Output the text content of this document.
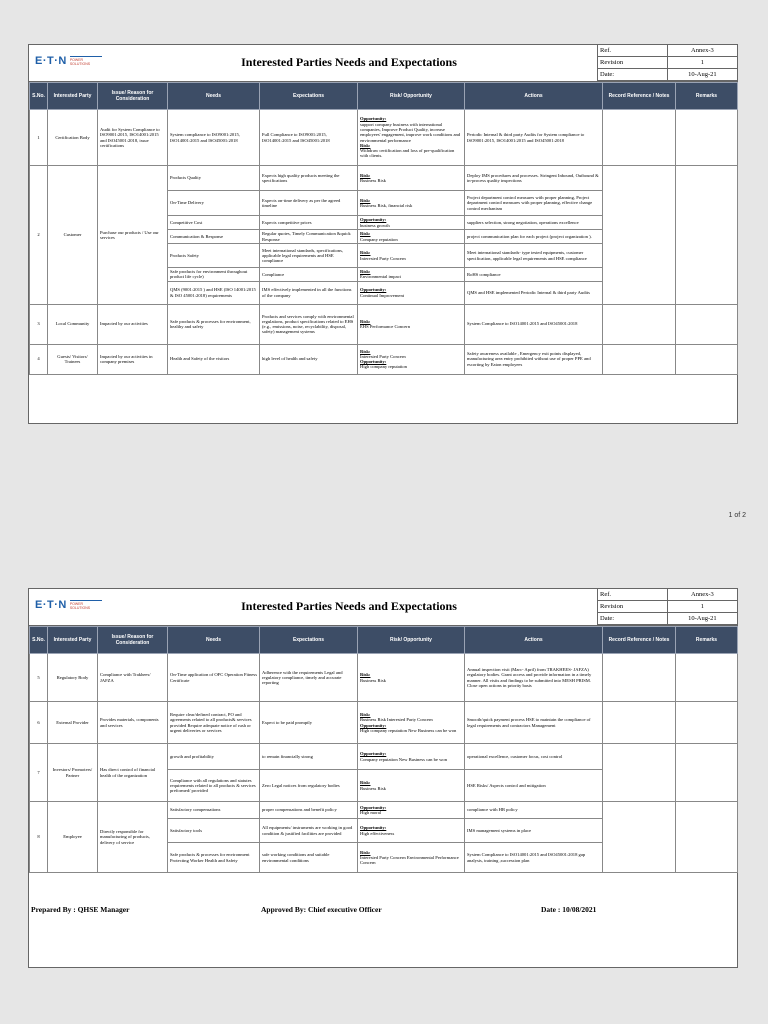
E·T·N POWER SOLUTIONS	Interested Parties Needs and Expectations
Ref.	Annex-3
Revision	1
Date:	10-Aug-21
S.No.	Interested Party	Issue/ Reason for Consideration	Needs	Expectations	Risk/ Opportunity	Actions	Record Reference / Notes	Remarks
1	Certification Body	Audit for System Compliance to ISO9001:2015, ISO14001:2015 and ISO45001:2018, issue certifications	System compliance to ISO9001:2015, ISO14001:2015 and ISO45001:2018	Full Compliance to ISO9001:2015, ISO14001:2015 and ISO45001:2018	Opportunity:
support company business with international companies, Improve Product Quality, increase employees' engagement, improve work conditions and environmental performance
Risk:
Withdraw certification and loss of pre-qualification with clients.	Periodic Internal & third party Audits for System compliance to ISO9001:2015, ISO14001:2015 and ISO45001:2018		
2	Customer	Purchase our products / Use our services	Products Quality	Expects high quality products meeting the specifications	Risk:
Business Risk	Deploy IMS procedures and processes. Stringent Inbound, Outbound & in-process quality inspections		
			On-Time Delivery	Expects on-time delivery as per the agreed timeline	Risk:
Business Risk, financial risk	Project department control measures with proper planning, Project department control measures with proper planning, effective change control mechanism		
			Competitive Cost	Expects competitive prices	Opportunity:
business growth	suppliers selection, strong negotiation, operations excellence		
			Communication & Response	Regular quotes, Timely Communication &quick Response	Risk:
Company reputation	project communication plan for each project (project organization ).		
			Products Safety	Meet international standards, specifications, applicable legal requirements and HSE compliance	Risk:
Interested Party Concern	Meet international standards- type tested equipments, customer specification, applicable legal requirements and HSE compliance		
			Safe products for environment throughout product life cycle)	Compliance	Risk:
Environmental impact	RoHS compliance		
			QMS (9001:2015 ) and HSE (ISO 14001:2015 & ISO 45001:2018) requirements	IMS effectively implemented in all the functions of the company	Opportunity:
Continual Improvement	QMS and HSE implemented Periodic Internal & third party Audits		
3	Local Community	Impacted by our activities	Safe products & processes for environment, healthy and safety	Products and services comply with environmental regulations, product specifications related to EHS (e.g., emissions, noise, recyclability, disposal, safety) management systems	Risk:
EHS Performance Concern	System Compliance to ISO14001:2015 and ISO45001:2018		
4	Guests/ Visitors/ Trainees	Impacted by our activities in company premises	Health and Safety of the visitors	high level of health and safety	Risk:
Interested Party Concern
Opportunity:
High company reputation	Safety awareness available , Emergency exit points displayed, manufacturing area entry prohibited without use of proper PPE and escorting by Eaton employees		
1 of 2
E·T·N POWER SOLUTIONS	Interested Parties Needs and Expectations
Ref.	Annex-3
Revision	1
Date:	10-Aug-21
S.No.	Interested Party	Issue/ Reason for Consideration	Needs	Expectations	Risk/ Opportunity	Actions	Record Reference / Notes	Remarks
5	Regulatory Body	Compliance with Trakhees/ JAFZA	On-Time application of OFC Operation Fitness Certificate	Adherence with the requirements Legal and regulatory compliance, timely and accurate reporting	Risk:
Business Risk	Annual inspection visit (Marc- April) from TRAKHEES- JAFZA) regulatory bodies. Grant access and provide information in a timely manner. All visits and findings to be submitted into MESH PRISM. Close open actions in priority basis		
6	External Provider	Provides materials, components and services	Require clear/defined contract, PO and agreements related to all products& services provided Require adequate notice of rush or urgent deliveries or services	Expect to be paid promptly	Risk:
Business Risk Interested Party Concern
Opportunity:
High company reputation New Business can be won	Smooth/quick payment process HSE to maintain the compliance of legal requirements and contractors Management		
7	Investors/ Promoters/ Partner	Has direct control of financial health of the organization	growth and profitability	to remain financially strong	Opportunity:
Company reputation New Business can be won	operational excellence, customer focus, cost control		
			Compliance with all regulations and statutes requirements related to all products & services preformed/ provided	Zero Legal notices from regulatory bodies	Risk:
Business Risk	HSE Risks/ Aspects control and mitigation		
8	Employee	Directly responsible for manufacturing of products, delivery of service	Satisfactory compensations	proper compensations and benefit policy	Opportunity:
High moral	compliance with HR policy		
			Satisfactory tools	All equipments/ instruments are working in good condition & justified facilities are provided	Opportunity:
High effectiveness	IMS management systems in place		
			Safe products & processes for environment Protecting Worker Health and Safety	safe working conditions and suitable environmental conditions	Risk:
Interested Party Concern Environmental Performance Concern	System Compliance to ISO14001:2015 and ISO45001:2018 gap analysis, training ,succession plan		
Prepared By : QHSE Manager	Approved By: Chief executive Officer	Date : 10/08/2021
